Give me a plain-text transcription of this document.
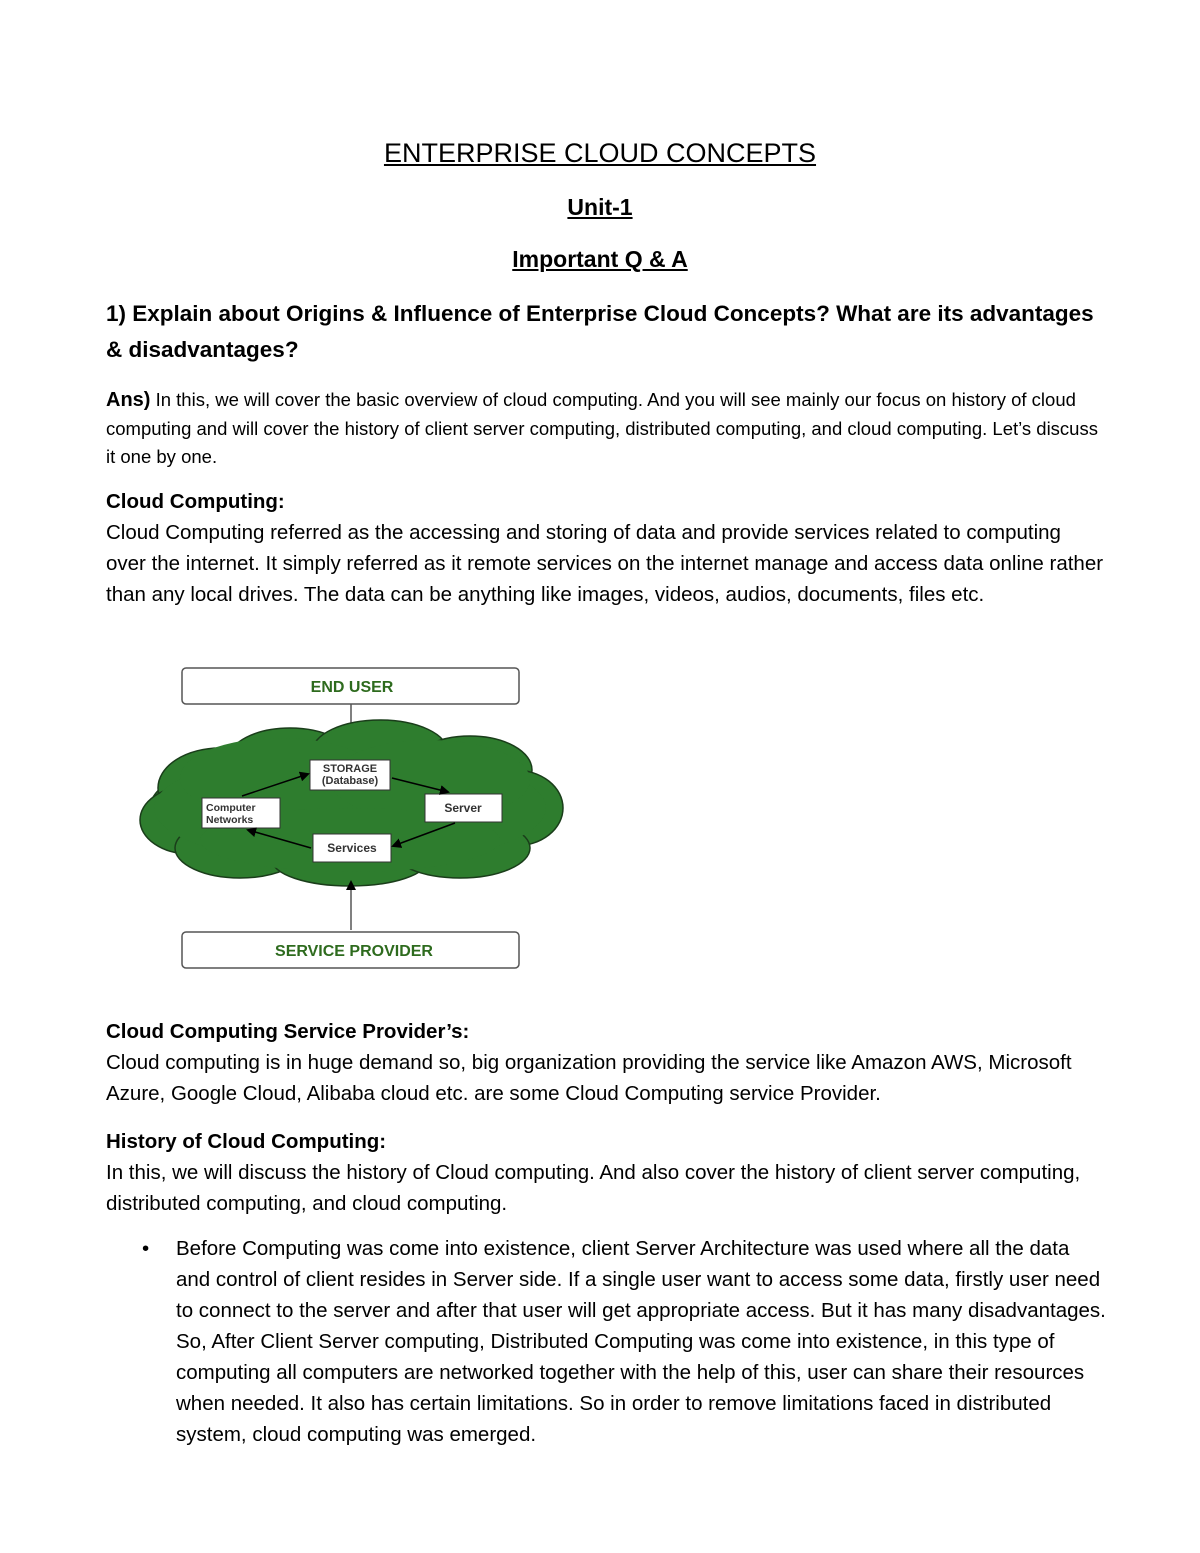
ENTERPRISE CLOUD CONCEPTS
Unit-1
Important Q & A
1) Explain about Origins & Influence of Enterprise Cloud Concepts? What are its advantages & disadvantages?
Ans) In this, we will cover the basic overview of cloud computing. And you will see mainly our focus on history of cloud computing and will cover the history of client server computing, distributed computing, and cloud computing. Let’s discuss it one by one.
Cloud Computing:
Cloud Computing referred as the accessing and storing of data and provide services related to computing over the internet. It simply referred as it remote services on the internet manage and access data online rather than any local drives. The data can be anything like images, videos, audios, documents, files etc.
END USER
STORAGE
(Database)
Computer
Networks
Server
Services
SERVICE PROVIDER
Cloud Computing Service Provider’s:
Cloud computing is in huge demand so, big organization providing the service like Amazon AWS, Microsoft Azure, Google Cloud, Alibaba cloud etc. are some Cloud Computing service Provider.
History of Cloud Computing:
In this, we will discuss the history of Cloud computing. And also cover the history of client server computing, distributed computing, and cloud computing.
• Before Computing was come into existence, client Server Architecture was used where all the data and control of client resides in Server side. If a single user want to access some data, firstly user need to connect to the server and after that user will get appropriate access. But it has many disadvantages. So, After Client Server computing, Distributed Computing was come into existence, in this type of computing all computers are networked together with the help of this, user can share their resources when needed. It also has certain limitations. So in order to remove limitations faced in distributed system, cloud computing was emerged.
